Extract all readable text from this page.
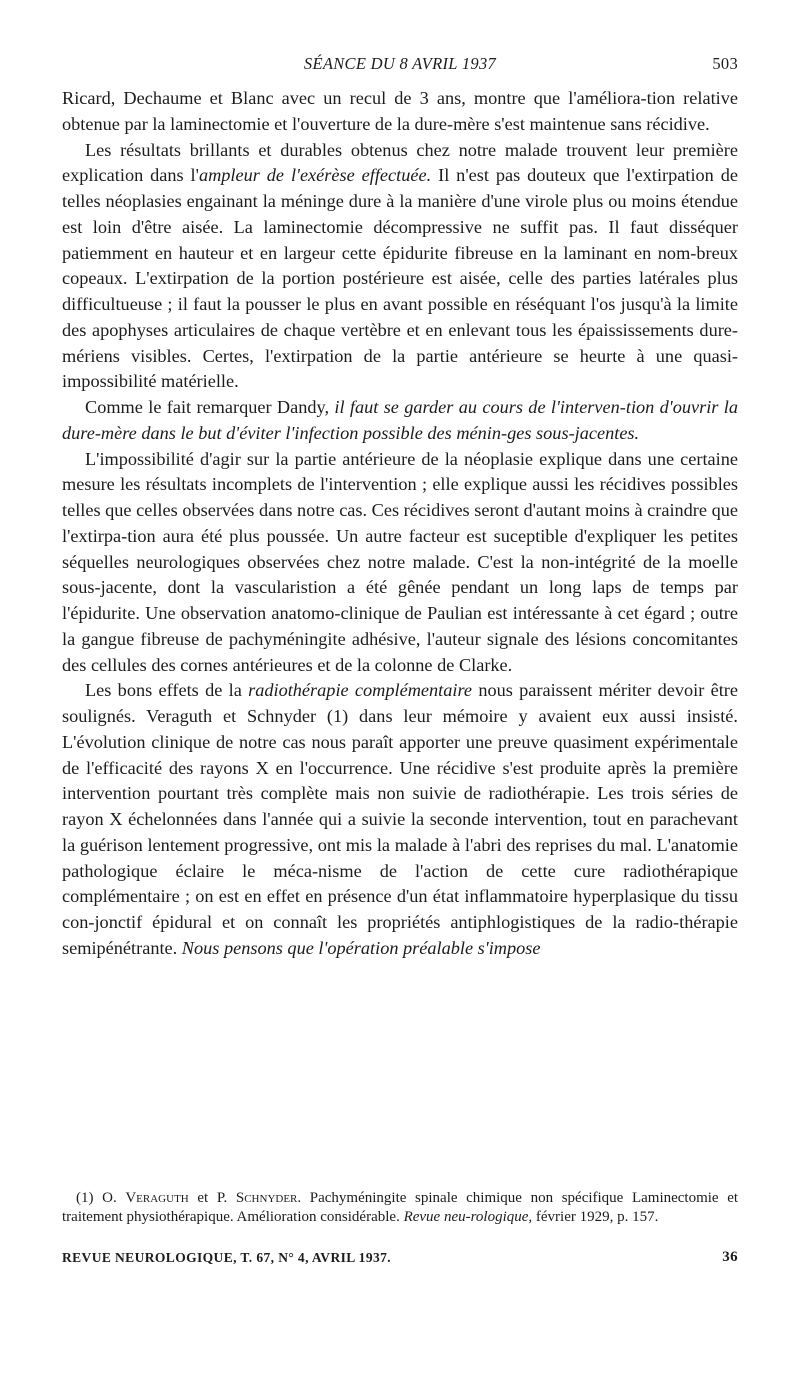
SÉANCE DU 8 AVRIL 1937	503

Ricard, Dechaume et Blanc avec un recul de 3 ans, montre que l'améliora-tion relative obtenue par la laminectomie et l'ouverture de la dure-mère s'est maintenue sans récidive.

Les résultats brillants et durables obtenus chez notre malade trouvent leur première explication dans l'ampleur de l'exérèse effectuée. Il n'est pas douteux que l'extirpation de telles néoplasies engainant la méninge dure à la manière d'une virole plus ou moins étendue est loin d'être aisée. La laminectomie décompressive ne suffit pas. Il faut disséquer patiemment en hauteur et en largeur cette épidurite fibreuse en la laminant en nom-breux copeaux. L'extirpation de la portion postérieure est aisée, celle des parties latérales plus difficultueuse ; il faut la pousser le plus en avant possible en réséquant l'os jusqu'à la limite des apophyses articulaires de chaque vertèbre et en enlevant tous les épaississements dure-mériens visibles. Certes, l'extirpation de la partie antérieure se heurte à une quasi-impossibilité matérielle.

Comme le fait remarquer Dandy, il faut se garder au cours de l'interven-tion d'ouvrir la dure-mère dans le but d'éviter l'infection possible des ménin-ges sous-jacentes.

L'impossibilité d'agir sur la partie antérieure de la néoplasie explique dans une certaine mesure les résultats incomplets de l'intervention ; elle explique aussi les récidives possibles telles que celles observées dans notre cas. Ces récidives seront d'autant moins à craindre que l'extirpa-tion aura été plus poussée. Un autre facteur est suceptible d'expliquer les petites séquelles neurologiques observées chez notre malade. C'est la non-intégrité de la moelle sous-jacente, dont la vascularistion a été gênée pendant un long laps de temps par l'épidurite. Une observation anatomo-clinique de Paulian est intéressante à cet égard ; outre la gangue fibreuse de pachyméningite adhésive, l'auteur signale des lésions concomitantes des cellules des cornes antérieures et de la colonne de Clarke.

Les bons effets de la radiothérapie complémentaire nous paraissent mériter devoir être soulignés. Veraguth et Schnyder (1) dans leur mémoire y avaient eux aussi insisté. L'évolution clinique de notre cas nous paraît apporter une preuve quasiment expérimentale de l'efficacité des rayons X en l'occurrence. Une récidive s'est produite après la première intervention pourtant très complète mais non suivie de radiothérapie. Les trois séries de rayon X échelonnées dans l'année qui a suivie la seconde intervention, tout en parachevant la guérison lentement progressive, ont mis la malade à l'abri des reprises du mal. L'anatomie pathologique éclaire le méca-nisme de l'action de cette cure radiothérapique complémentaire ; on est en effet en présence d'un état inflammatoire hyperplasique du tissu con-jonctif épidural et on connaît les propriétés antiphlogistiques de la radio-thérapie semipénétrante. Nous pensons que l'opération préalable s'impose

(1) O. Veraguth et P. Schnyder. Pachyméningite spinale chimique non spécifique Laminectomie et traitement physiothérapique. Amélioration considérable. Revue neu-rologique, février 1929, p. 157.
REVUE NEUROLOGIQUE, T. 67, N° 4, AVRIL 1937.	36
